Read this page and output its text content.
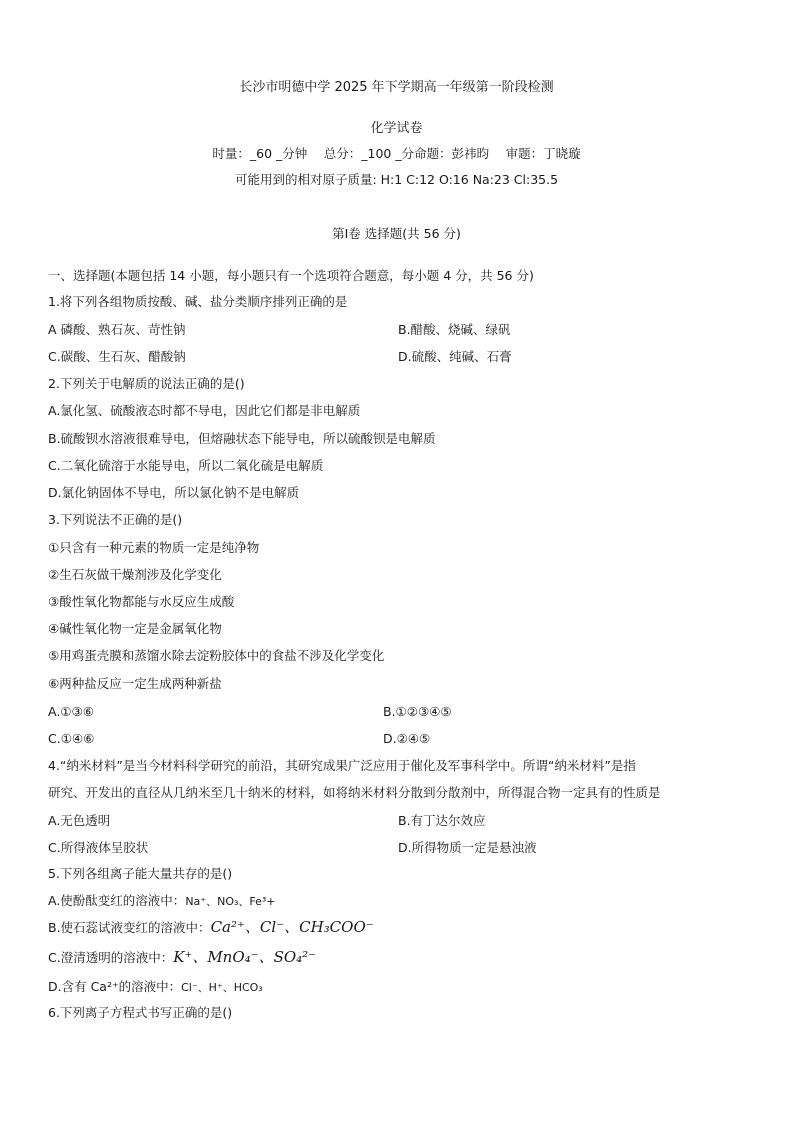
长沙市明德中学 2025 年下学期高一年级第一阶段检测
化学试卷
时量：_60 _分钟　 总分：_100 _分命题：彭祎昀　 审题：丁晓璇
可能用到的相对原子质量: H:1 C:12 O:16 Na:23 Cl:35.5
第Ⅰ卷 选择题(共 56 分)
一、选择题(本题包括 14 小题，每小题只有一个选项符合题意，每小题 4 分，共 56 分)
1.将下列各组物质按酸、碱、盐分类顺序排列正确的是
A 磷酸、熟石灰、苛性钠	B.醋酸、烧碱、绿矾
C.碳酸、生石灰、醋酸钠	D.硫酸、纯碱、石膏
2.下列关于电解质的说法正确的是()
A.氯化氢、硫酸液态时都不导电，因此它们都是非电解质
B.硫酸钡水溶液很难导电，但熔融状态下能导电，所以硫酸钡是电解质
C.二氧化硫溶于水能导电，所以二氧化硫是电解质
D.氯化钠固体不导电，所以氯化钠不是电解质
3.下列说法不正确的是()
①只含有一种元素的物质一定是纯净物
②生石灰做干燥剂涉及化学变化
③酸性氧化物都能与水反应生成酸
④碱性氧化物一定是金属氧化物
⑤用鸡蛋壳膜和蒸馏水除去淀粉胶体中的食盐不涉及化学变化
⑥两种盐反应一定生成两种新盐
A.①③⑥	B.①②③④⑤
C.①④⑥	D.②④⑤
4.“纳米材料”是当今材料科学研究的前沿，其研究成果广泛应用于催化及军事科学中。所谓“纳米材料”是指
研究、开发出的直径从几纳米至几十纳米的材料，如将纳米材料分散到分散剂中，所得混合物一定具有的性质是
A.无色透明	B.有丁达尔效应
C.所得液体呈胶状	D.所得物质一定是悬浊液
5.下列各组离子能大量共存的是()
A.使酚酞变红的溶液中：Na⁺、NO₃、Fe³+
B.使石蕊试液变红的溶液中：Ca²⁺、Cl⁻、CH₃COO⁻
C.澄清透明的溶液中：K⁺、MnO₄⁻、SO₄²⁻
D.含有 Ca²⁺的溶液中：Cl⁻、H⁺、HCO₃
6.下列离子方程式书写正确的是()
